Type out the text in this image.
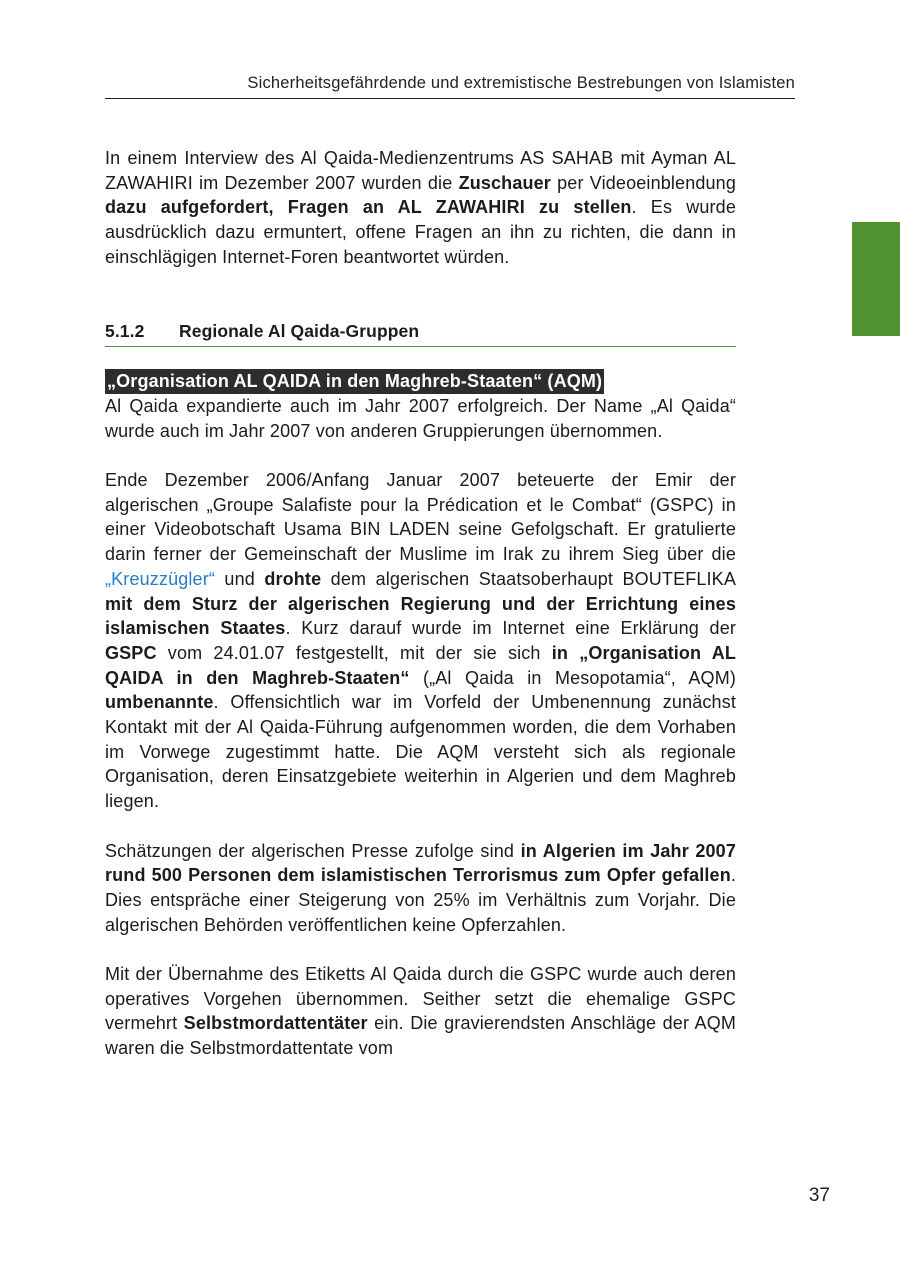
Sicherheitsgefährdende und extremistische Bestrebungen von Islamisten

In einem Interview des Al Qaida-Medienzentrums AS SAHAB mit Ayman AL ZAWAHIRI im Dezember 2007 wurden die Zuschauer per Videoeinblendung dazu aufgefordert, Fragen an AL ZAWAHIRI zu stellen. Es wurde ausdrücklich dazu ermuntert, offene Fragen an ihn zu richten, die dann in einschlägigen Internet-Foren beantwortet würden.

5.1.2 Regionale Al Qaida-Gruppen
„Organisation AL QAIDA in den Maghreb-Staaten“ (AQM)

Al Qaida expandierte auch im Jahr 2007 erfolgreich. Der Name „Al Qaida“ wurde auch im Jahr 2007 von anderen Gruppierungen übernommen.

Ende Dezember 2006/Anfang Januar 2007 beteuerte der Emir der algerischen „Groupe Salafiste pour la Prédication et le Combat“ (GSPC) in einer Videobotschaft Usama BIN LADEN seine Gefolgschaft. Er gratulierte darin ferner der Gemeinschaft der Muslime im Irak zu ihrem Sieg über die „Kreuzzügler“ und drohte dem algerischen Staatsoberhaupt BOUTEFLIKA mit dem Sturz der algerischen Regierung und der Errichtung eines islamischen Staates. Kurz darauf wurde im Internet eine Erklärung der GSPC vom 24.01.07 festgestellt, mit der sie sich in „Organisation AL QAIDA in den Maghreb-Staaten“ („Al Qaida in Mesopotamia“, AQM) umbenannte. Offensichtlich war im Vorfeld der Umbenennung zunächst Kontakt mit der Al Qaida-Führung aufgenommen worden, die dem Vorhaben im Vorwege zugestimmt hatte. Die AQM versteht sich als regionale Organisation, deren Einsatzgebiete weiterhin in Algerien und dem Maghreb liegen.

Schätzungen der algerischen Presse zufolge sind in Algerien im Jahr 2007 rund 500 Personen dem islamistischen Terrorismus zum Opfer gefallen. Dies entspräche einer Steigerung von 25% im Verhältnis zum Vorjahr. Die algerischen Behörden veröffentlichen keine Opferzahlen.

Mit der Übernahme des Etiketts Al Qaida durch die GSPC wurde auch deren operatives Vorgehen übernommen. Seither setzt die ehemalige GSPC vermehrt Selbstmordattentäter ein. Die gravierendsten Anschläge der AQM waren die Selbstmordattentate vom

37
